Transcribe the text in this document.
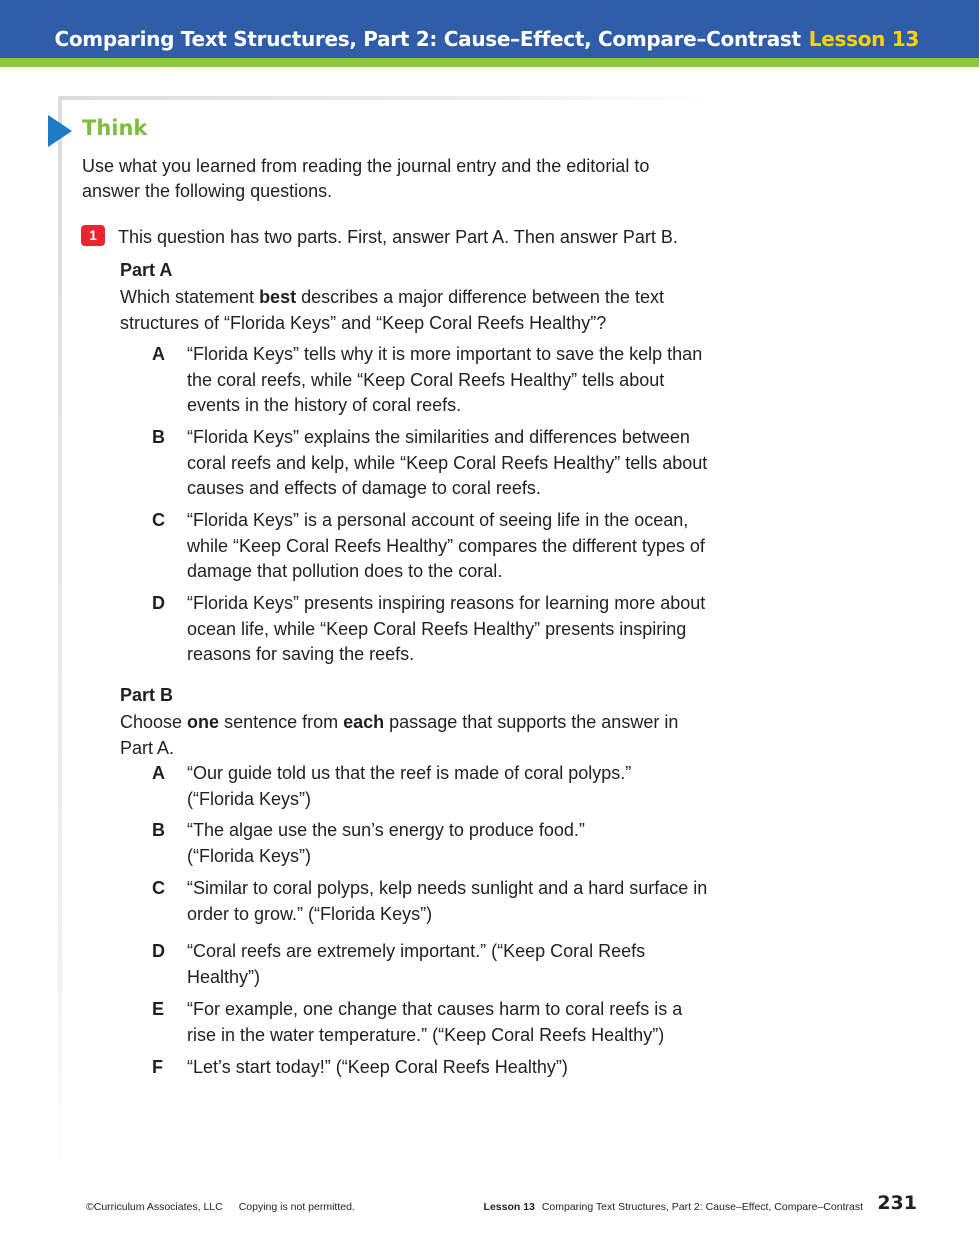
Comparing Text Structures, Part 2: Cause–Effect, Compare–Contrast Lesson 13
Think
Use what you learned from reading the journal entry and the editorial to answer the following questions.
1	This question has two parts. First, answer Part A. Then answer Part B.
Part A
Which statement best describes a major difference between the text structures of “Florida Keys” and “Keep Coral Reefs Healthy”?
A “Florida Keys” tells why it is more important to save the kelp than the coral reefs, while “Keep Coral Reefs Healthy” tells about events in the history of coral reefs.
B “Florida Keys” explains the similarities and differences between coral reefs and kelp, while “Keep Coral Reefs Healthy” tells about causes and effects of damage to coral reefs.
C “Florida Keys” is a personal account of seeing life in the ocean, while “Keep Coral Reefs Healthy” compares the different types of damage that pollution does to the coral.
D “Florida Keys” presents inspiring reasons for learning more about ocean life, while “Keep Coral Reefs Healthy” presents inspiring reasons for saving the reefs.
Part B
Choose one sentence from each passage that supports the answer in Part A.
A “Our guide told us that the reef is made of coral polyps.” (“Florida Keys”)
B “The algae use the sun’s energy to produce food.” (“Florida Keys”)
C “Similar to coral polyps, kelp needs sunlight and a hard surface in order to grow.” (“Florida Keys”)
D “Coral reefs are extremely important.” (“Keep Coral Reefs Healthy”)
E “For example, one change that causes harm to coral reefs is a rise in the water temperature.” (“Keep Coral Reefs Healthy”)
F “Let’s start today!” (“Keep Coral Reefs Healthy”)
©Curriculum Associates, LLC Copying is not permitted.	Lesson 13 Comparing Text Structures, Part 2: Cause–Effect, Compare–Contrast 231
